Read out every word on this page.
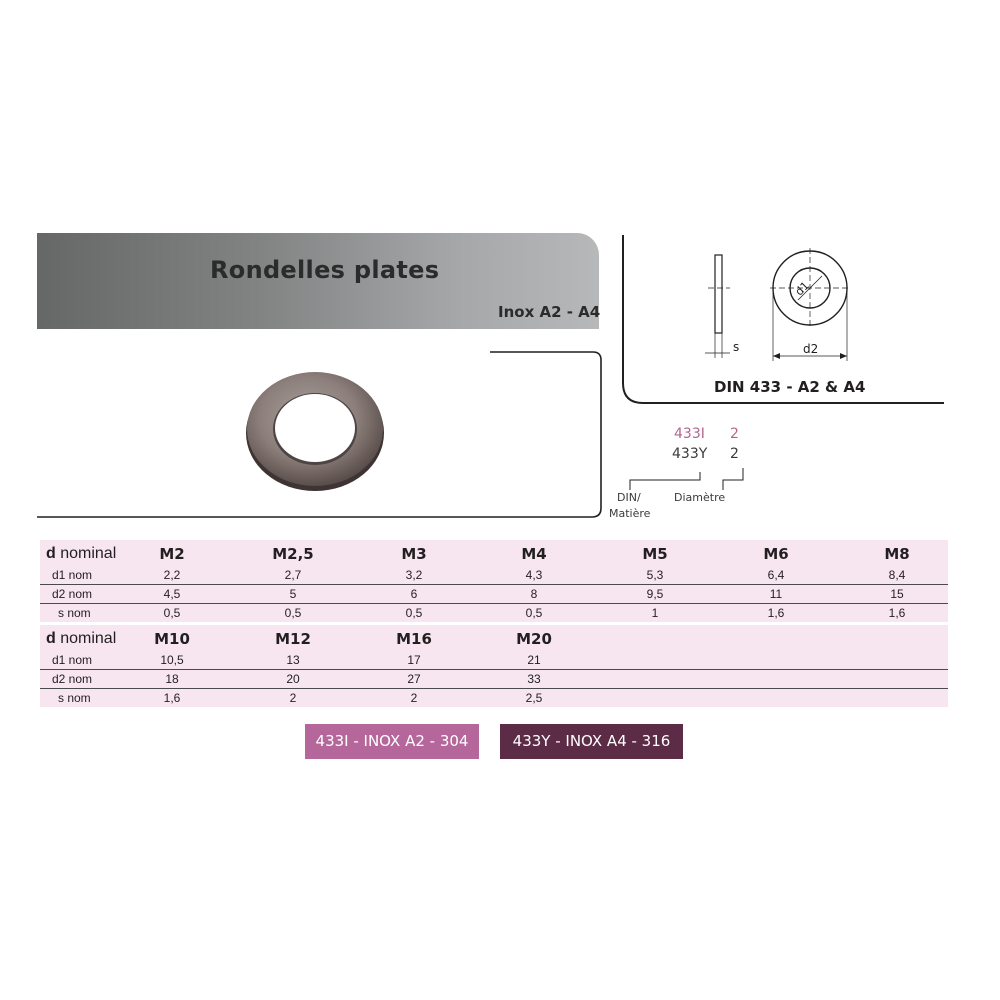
Rondelles plates
Inox A2 - A4
s
d1
d2
DIN 433 - A2 & A4
433I 2
433Y 2
DIN/
Matière
Diamètre
d nominal	M2	M2,5	M3	M4	M5	M6	M8
d1 nom	2,2	2,7	3,2	4,3	5,3	6,4	8,4
d2 nom	4,5	5	6	8	9,5	11	15
s nom	0,5	0,5	0,5	0,5	1	1,6	1,6
d nominal	M10	M12	M16	M20
d1 nom	10,5	13	17	21
d2 nom	18	20	27	33
s nom	1,6	2	2	2,5
433I - INOX A2 - 304	433Y - INOX A4 - 316
